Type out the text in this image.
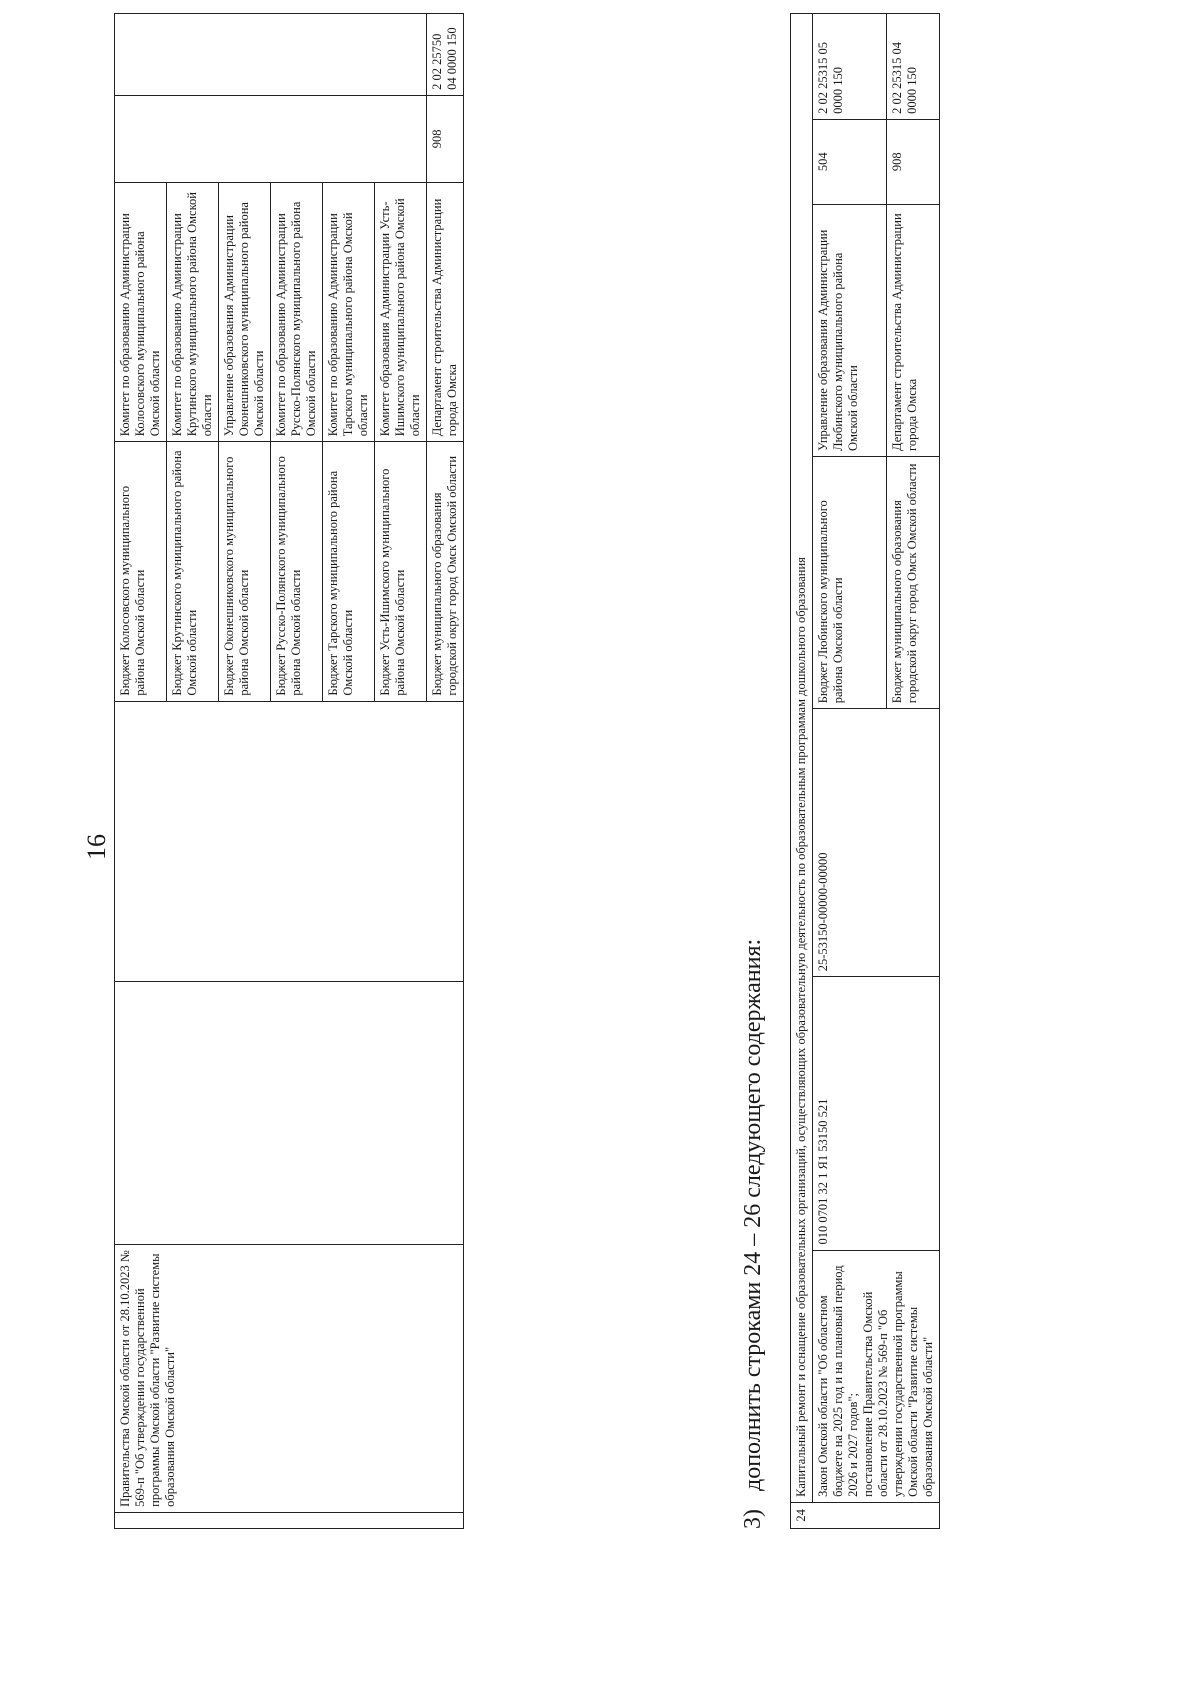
16
	Правительства Омской области от 28.10.2023 № 569-п "Об утверждении государственной программы Омской области "Развитие системы образования Омской области"			Бюджет Колосовского муниципального района Омской области	Комитет по образованию Администрации Колосовского муниципального района Омской области		
				Бюджет Крутинского муниципального района Омской области	Комитет по образованию Администрации Крутинского муниципального района Омской области		
				Бюджет Оконешниковского муниципального района Омской области	Управление образования Администрации Оконешниковского муниципального района Омской области		
				Бюджет Русско-Полянского муниципального района Омской области	Комитет по образованию Администрации Русско-Полянского муниципального района Омской области		
				Бюджет Тарского муниципального района Омской области	Комитет по образованию Администрации Тарского муниципального района Омской области		
				Бюджет Усть-Ишимского муниципального района Омской области	Комитет образования Администрации Усть-Ишимского муниципального района Омской области		
				Бюджет муниципального образования городской округ город Омск Омской области	Департамент строительства Администрации города Омска	908	2 02 25750 04 0000 150
3)дополнить строками 24 – 26 следующего содержания:
24	Капитальный ремонт и оснащение образовательных организаций, осуществляющих образовательную деятельность по образовательным программам дошкольного образования						

	Закон Омской области "Об областном бюджете на 2025 год и на плановый период 2026 и 2027 годов"; постановление Правительства Омской области от 28.10.2023 № 569-п "Об утверждении государственной программы Омской области "Развитие системы образования Омской области"	010 0701 32 1 Я1 53150 521	25-53150-00000-00000	Бюджет Любинского муниципального района Омской области	Управление образования Администрации Любинского муниципального района Омской области	504	2 02 25315 05 0000 150
				Бюджет муниципального образования городской округ город Омск Омской области	Департамент строительства Администрации города Омска	908	2 02 25315 04 0000 150
